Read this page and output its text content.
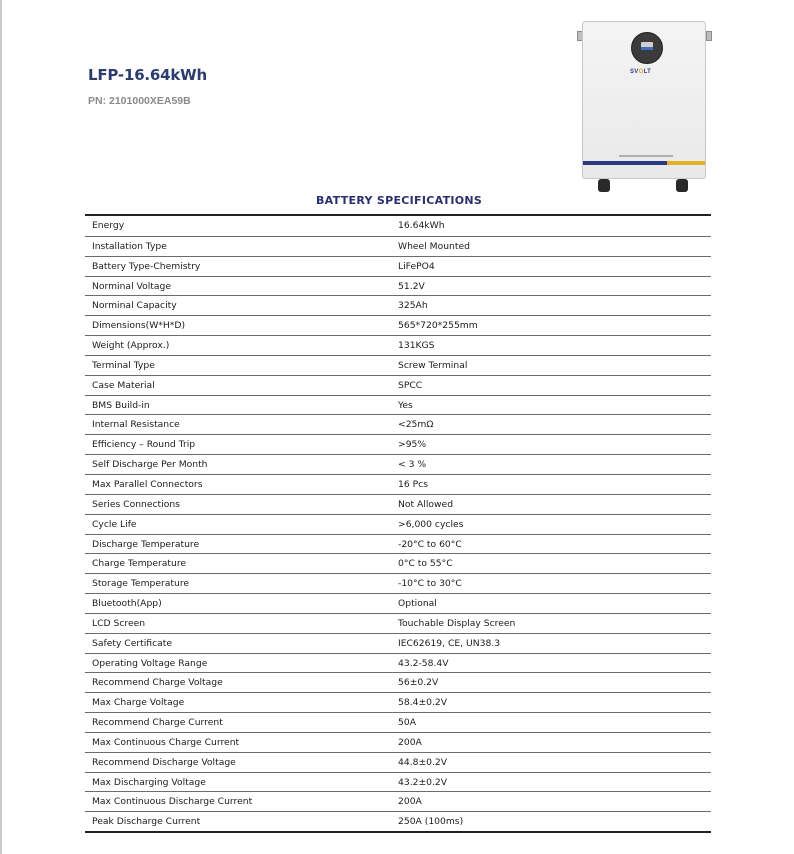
LFP-16.64kWh
PN: 2101000XEA59B
SVOLT
BATTERY SPECIFICATIONS
Energy	16.64kWh
Installation Type	Wheel Mounted
Battery Type-Chemistry	LiFePO4
Norminal Voltage	51.2V
Norminal Capacity	325Ah
Dimensions(W*H*D)	565*720*255mm
Weight (Approx.)	131KGS
Terminal Type	Screw Terminal
Case Material	SPCC
BMS Build-in	Yes
Internal Resistance	<25mΩ
Efficiency – Round Trip	>95%
Self Discharge Per Month	< 3 %
Max Parallel Connectors	16 Pcs
Series Connections	Not Allowed
Cycle Life	>6,000 cycles
Discharge Temperature	-20°C to 60°C
Charge Temperature	0°C to 55°C
Storage Temperature	-10°C to 30°C
Bluetooth(App)	Optional
LCD Screen	Touchable Display Screen
Safety Certificate	IEC62619, CE, UN38.3
Operating Voltage Range	43.2-58.4V
Recommend Charge Voltage	56±0.2V
Max Charge Voltage	58.4±0.2V
Recommend Charge Current	50A
Max Continuous Charge Current	200A
Recommend Discharge Voltage	44.8±0.2V
Max Discharging Voltage	43.2±0.2V
Max Continuous Discharge Current	200A
Peak Discharge Current	250A (100ms)
